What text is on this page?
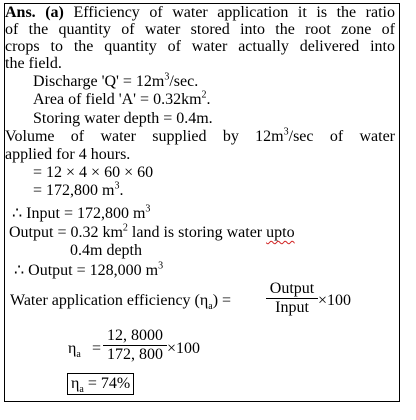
Ans. (a) Efficiency of water application it is the ratio
of the quantity of water stored into the root zone of
crops to the quantity of water actually delivered into
the field.
Discharge '$Q' = 12m^3/\sec$.
Area of field '$A' = 0.32km^2$.
Storing water depth = 0.4m.
Volume of water supplied by $12m^3/\sec$ of water
applied for 4 hours.
= 12 × 4 × 60 × 60
= 172,800 $m^3$.
∴ Input = 172,800 $m^3$
Output = 0.32 $km^2$ land is storing water upto
0.4m depth
∴ Output = 128,000 $m^3$
Water application efficiency $(\eta_a)$ =
Output
Input ×100
$\eta_a$ =
12, 8000
172, 800 ×100
$\eta_a = 74\%$
